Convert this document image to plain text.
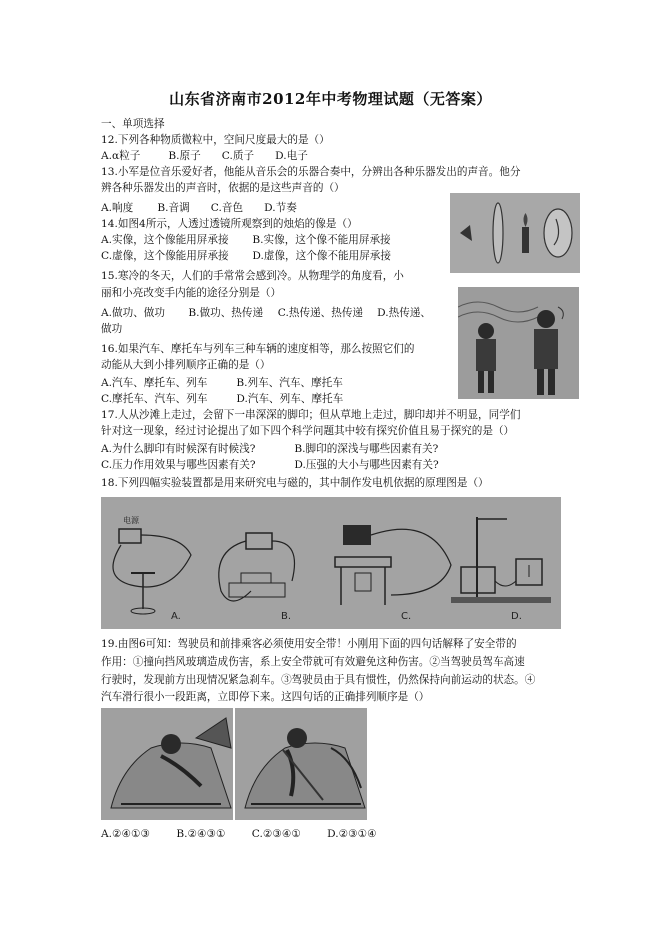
山东省济南市2012年中考物理试题（无答案）
一、单项选择
12.下列各种物质微粒中，空间尺度最大的是（）
A.α粒子	B.原子 C.质子 D.电子
13.小军是位音乐爱好者，他能从音乐会的乐器合奏中，分辨出各种乐器发出的声音。他分
辨各种乐器发出的声音时，依据的是这些声音的（）
A.响度 B.音调 C.音色 D.节奏
14.如图4所示，人透过透镜所观察到的烛焰的像是（）
A.实像，这个像能用屏承接 B.实像，这个像不能用屏承接
C.虚像，这个像能用屏承接 D.虚像，这个像不能用屏承接
15.寒冷的冬天，人们的手常常会感到冷。从物理学的角度看，小
丽和小亮改变手内能的途径分别是（）
A.做功、做功 B.做功、热传递 C.热传递、热传递 D.热传递、
做功
16.如果汽车、摩托车与列车三种车辆的速度相等，那么按照它们的
动能从大到小排列顺序正确的是（）
A.汽车、摩托车、列车	B.列车、汽车、摩托车
C.摩托车、汽车、列车	D.汽车、列车、摩托车
17.人从沙滩上走过，会留下一串深深的脚印；但从草地上走过，脚印却并不明显，同学们
针对这一现象，经过讨论提出了如下四个科学问题其中较有探究价值且易于探究的是（）
A.为什么脚印有时候深有时候浅?	B.脚印的深浅与哪些因素有关?
C.压力作用效果与哪些因素有关?	D.压强的大小与哪些因素有关?
18.下列四幅实验装置都是用来研究电与磁的，其中制作发电机依据的原理图是（）
电源
A.	B.	C.	D.
19.由图6可知：驾驶员和前排乘客必须使用安全带！小刚用下面的四句话解释了安全带的
作用：①撞向挡风玻璃造成伤害，系上安全带就可有效避免这种伤害。②当驾驶员驾车高速
行驶时，发现前方出现情况紧急刹车。③驾驶员由于具有惯性，仍然保持向前运动的状态。④
汽车滑行很小一段距离，立即停下来。这四句话的正确排列顺序是（）
A.②④①③ B.②④③① C.②③④① D.②③①④
